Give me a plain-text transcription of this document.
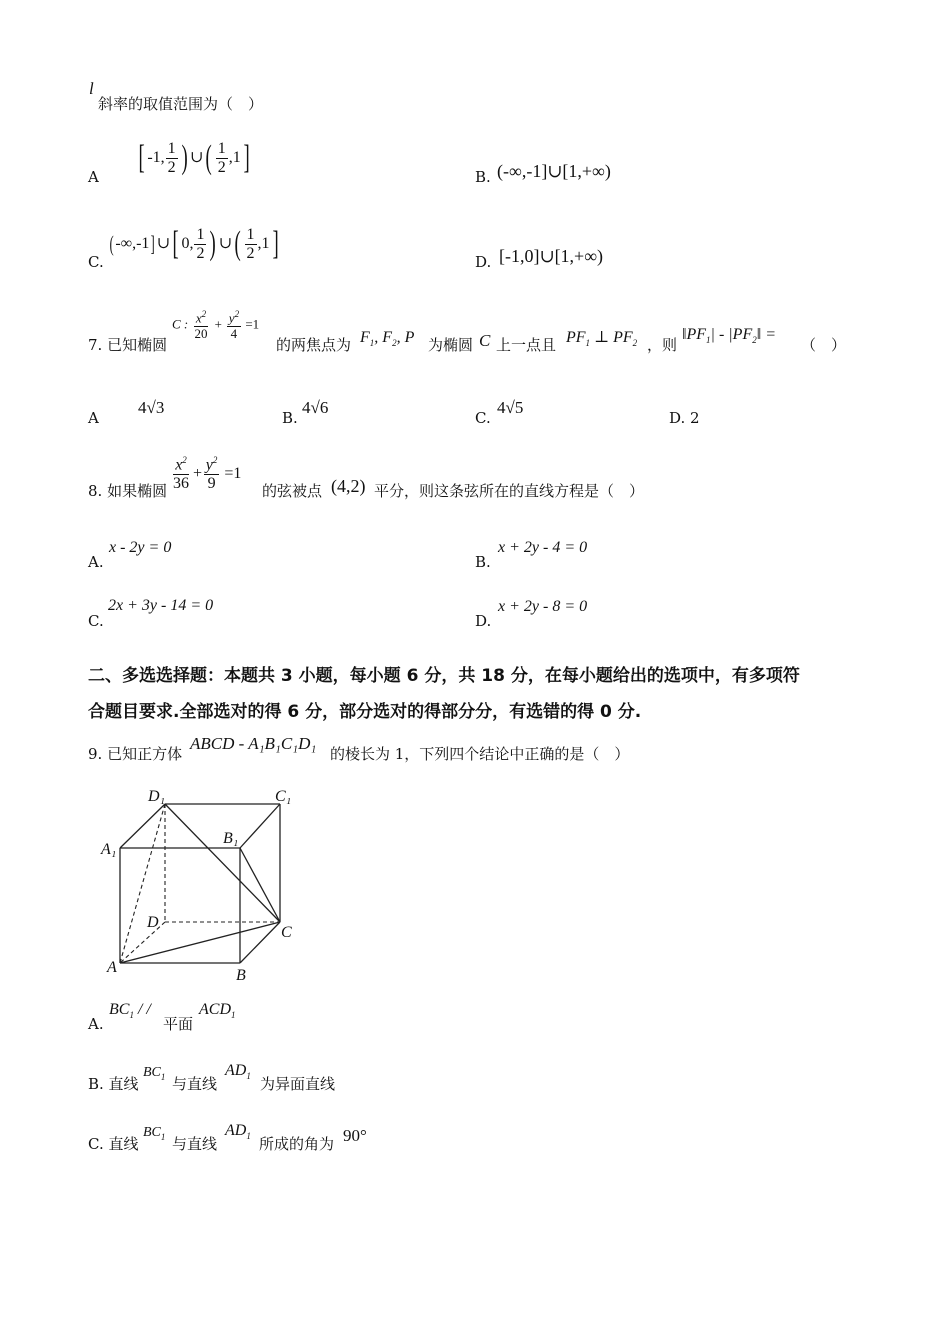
l
斜率的取值范围为（　）
A
[ -1, $\frac{1}{2}$ ) ∪( $\frac{1}{2} ,1$]
B. (-∞,-1]∪[1,+∞)
C.
( -∞,-1] ∪[ 0, $\frac{1}{2}$ ) ∪( $\frac{1}{2} ,1$]	D. [-1,0]∪[1,+∞)
7. 已知椭圆
C : $\frac{x^2}{20} + \frac{y^2}{4} =1$
的两焦点为 $F_1$, $F_2$, P 为椭圆 C 上一点且 $PF_1$ ⊥ $PF_2$ ，则
$‖PF_1|$ - $|PF_2‖$ =
（　）
A
4√3
B.
4√6
C.
4√5
D. 2
8. 如果椭圆 $\frac{x^2}{36} + \frac{y^2}{9} =1$
的弦被点 (4,2) 平分，则这条弦所在的直线方程是（　）
A.
x - 2y = 0
B.
x + 2y - 4 = 0
C.
2x + 3y - 14 = 0
D.
x + 2y - 8 = 0
二、多选选择题：本题共 3 小题，每小题 6 分，共 18 分，在每小题给出的选项中，有多项符
合题目要求.全部选对的得 6 分，部分选对的得部分分，有选错的得 0 分.
9. 已知正方体
ABCD - A₁B₁C₁D₁
的棱长为 1，下列四个结论中正确的是（　）
D₁	C₁
A₁
B₁
D
C
A	B
A.
$BC_1$ / /
平面
$ACD_1$
B. 直线
$BC_1$ 与直线
$AD_1$ 为异面直线
C. 直线
$BC_1$ 与直线
$AD_1$ 所成的角为 90°
